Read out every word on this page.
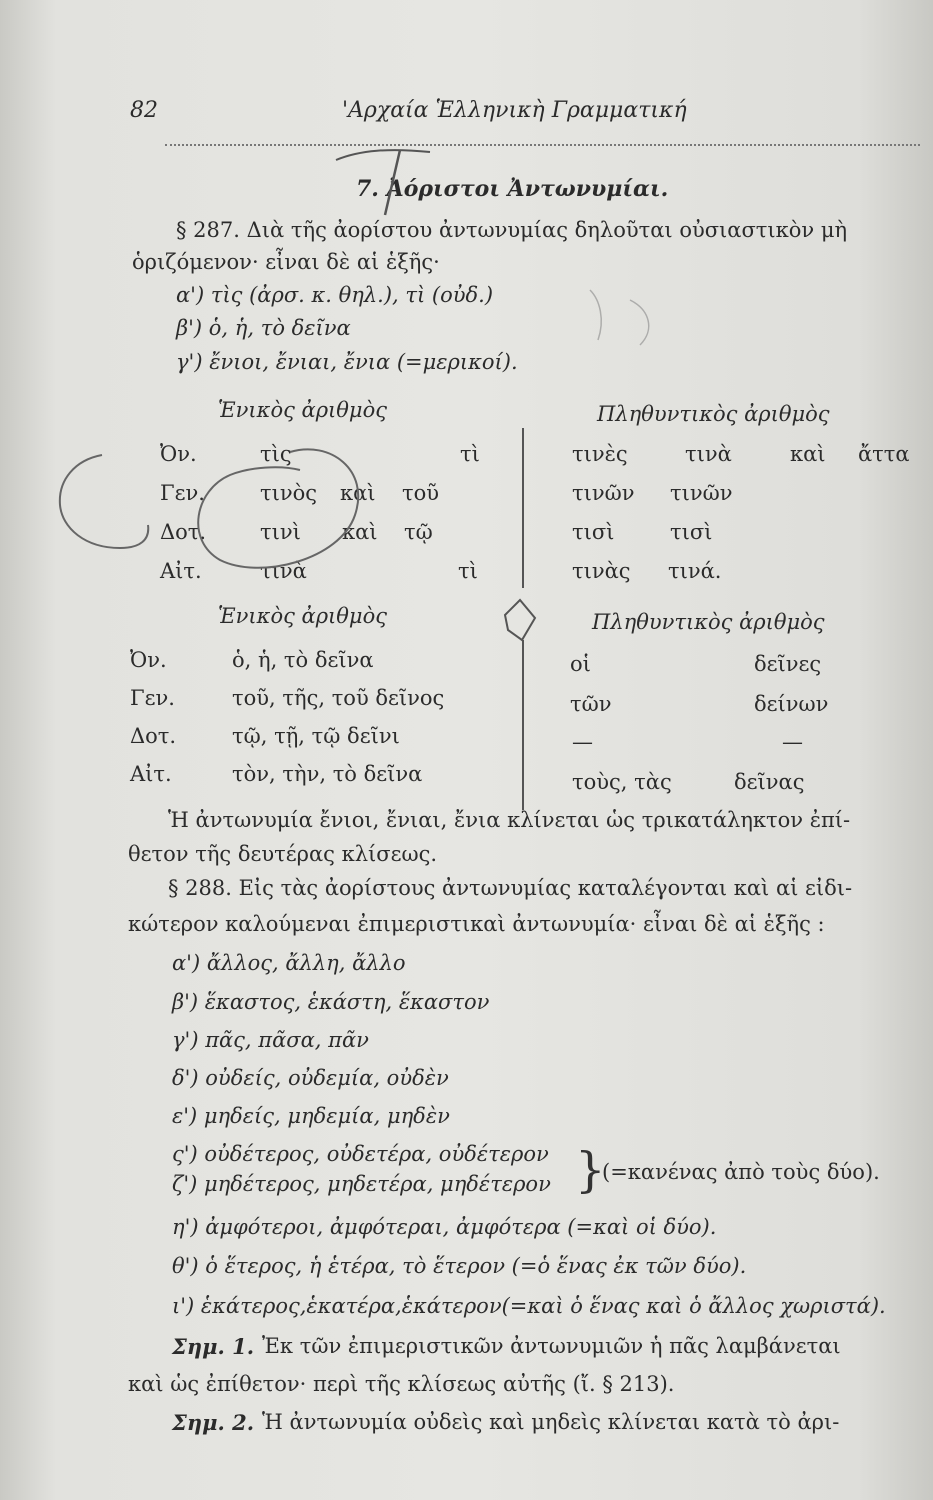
82	'Αρχαία Ἑλληνικὴ Γραμματική
7. Ἀόριστοι Ἀντωνυμίαι.
§ 287. Διὰ τῆς ἀορίστου ἀντωνυμίας δηλοῦται οὐσιαστικὸν μὴ
ὁριζόμενον· εἶναι δὲ αἱ ἑξῆς·
α') τὶς (ἀρσ. κ. θηλ.), τὶ (οὐδ.)
β') ὁ, ἡ, τὸ δεῖνα
γ') ἔνιοι, ἔνιαι, ἔνια (=μερικοί).
Ἑνικὸς ἀριθμὸς	Πληθυντικὸς ἀριθμὸς
Ὀν.	τὶς	τὶ	τινὲς	τινὰ	καὶ ἄττα
Γεν.	τινὸς καὶ τοῦ	τινῶν τινῶν
Δοτ.	τινὶ καὶ τῷ	τισὶ	τισὶ
Αἰτ.	τινὰ	τὶ	τινὰς τινά.
Ἑνικὸς ἀριθμὸς	Πληθυντικὸς ἀριθμὸς
Ὀν.	ὁ, ἡ, τὸ δεῖνα	οἱ	δεῖνες
Γεν.	τοῦ, τῆς, τοῦ δεῖνος	τῶν	δείνων
Δοτ.	τῷ, τῇ, τῷ δεῖνι	—	—
Αἰτ.	τὸν, τὴν, τὸ δεῖνα	τοὺς, τὰς	δεῖνας
Ἡ ἀντωνυμία ἔνιοι, ἔνιαι, ἔνια κλίνεται ὡς τρικατάληκτον ἐπί-
θετον τῆς δευτέρας κλίσεως.
§ 288. Εἰς τὰς ἀορίστους ἀντωνυμίας καταλέγονται καὶ αἱ εἰδι-
κώτερον καλούμεναι ἐπιμεριστικαὶ ἀντωνυμία· εἶναι δὲ αἱ ἑξῆς :
α') ἄλλος, ἄλλη, ἄλλο
β') ἕκαστος, ἑκάστη, ἕκαστον
γ') πᾶς, πᾶσα, πᾶν
δ') οὐδείς, οὐδεμία, οὐδὲν
ε') μηδείς, μηδεμία, μηδὲν
ς') οὐδέτερος, οὐδετέρα, οὐδέτερον
ζ') μηδέτερος, μηδετέρα, μηδέτερον }
(=κανένας ἀπὸ τοὺς δύο).
η') ἀμφότεροι, ἀμφότεραι, ἀμφότερα (=καὶ οἱ δύο).
θ') ὁ ἕτερος, ἡ ἑτέρα, τὸ ἕτερον (=ὁ ἕνας ἐκ τῶν δύο).
ι') ἑκάτερος,ἑκατέρα,ἑκάτερον(=καὶ ὁ ἕνας καὶ ὁ ἄλλος χωριστά).
Σημ. 1. Ἐκ τῶν ἐπιμεριστικῶν ἀντωνυμιῶν ἡ πᾶς λαμβάνεται
καὶ ὡς ἐπίθετον· περὶ τῆς κλίσεως αὐτῆς (ἴ. § 213).
Σημ. 2. Ἡ ἀντωνυμία οὐδεὶς καὶ μηδεὶς κλίνεται κατὰ τὸ ἀρι-
